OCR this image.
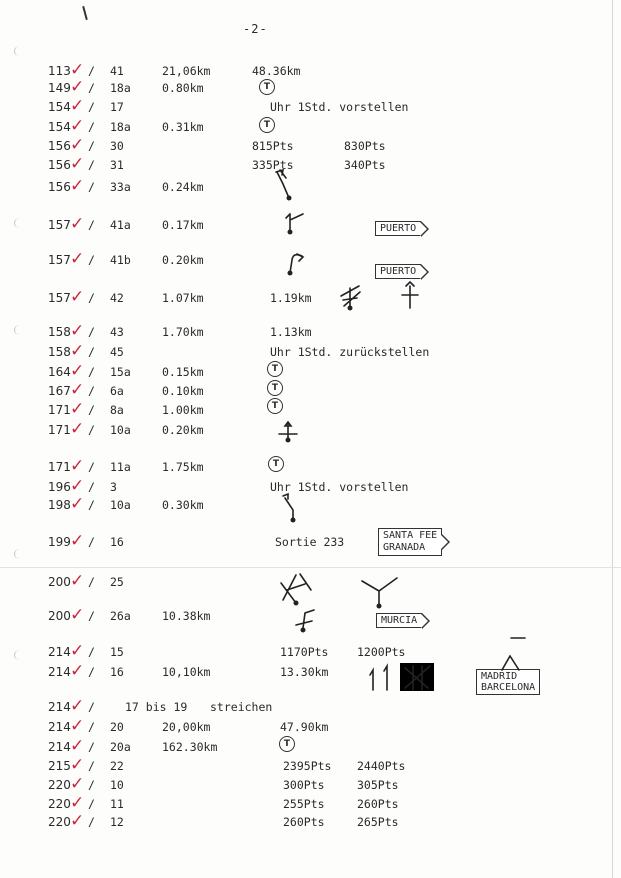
-2-
113 ✓ / 41	21,06km	48.36km
149 ✓ / 18a	0.80km
154 ✓ / 17	Uhr 1Std. vorstellen
154 ✓ / 18a	0.31km
156 ✓ / 30	815Pts	830Pts
156 ✓ / 31	335Pts	340Pts
156 ✓ / 33a	0.24km
157 ✓ / 41a	0.17km
157 ✓ / 41b	0.20km
157 ✓ / 42	1.07km	1.19km
158 ✓ / 43	1.70km	1.13km
158 ✓ / 45	Uhr 1Std. zurückstellen
164 ✓ / 15a	0.15km
167 ✓ / 6a	0.10km
171 ✓ / 8a	1.00km
171 ✓ / 10a	0.20km
171 ✓ / 11a	1.75km
196 ✓ / 3	Uhr 1Std. vorstellen
198 ✓ / 10a	0.30km
199 ✓ / 16	Sortie 233
200 ✓ / 25
200 ✓ / 26a	10.38km
214 ✓ / 15	1170Pts 1200Pts
214 ✓ / 16	10,10km	13.30km
214 ✓ /	17 bis 19 streichen
214 ✓ / 20	20,00km	47.90km
214 ✓ / 20a	162.30km
215 ✓ / 22	2395Pts 2440Pts
220 ✓ / 10	300Pts	305Pts
220 ✓ / 11	255Pts	260Pts
220 ✓ / 12	260Pts	265Pts
T
T
T
T
T
T
T
PUERTO
PUERTO
SANTA FEE
GRANADA
MURCIA
MADRID
BARCELONA
